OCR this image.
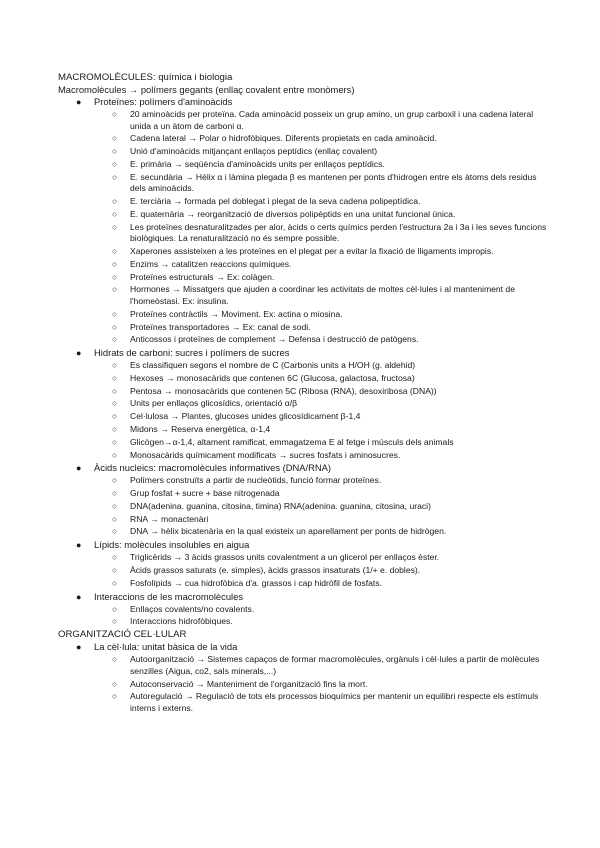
MACROMOLÈCULES: química i biologia

Macromolècules → polímers gegants (enllaç covalent entre monòmers)

● Proteïnes: polímers d'aminoàcids
○ 20 aminoàcids per proteïna. Cada aminoàcid posseix un grup amino, un grup carboxil i una cadena lateral unida a un àtom de carboni α.
○ Cadena lateral → Polar o hidrofòbiques. Diferents propietats en cada aminoàcid.
○ Unió d'aminoàcids mitjançant enllaços peptídics (enllaç covalent)
○ E. primària → seqüència d'aminoàcids units per enllaços peptídics.
○ E. secundària → Hèlix α i làmina plegada β es mantenen per ponts d'hidrogen entre els àtoms dels residus dels aminoàcids.
○ E. terciària → formada pel doblegat i plegat de la seva cadena polipeptídica.
○ E. quaternària → reorganització de diversos polipèptids en una unitat funcional única.
○ Les proteïnes desnaturalitzades per alor, àcids o certs químics perden l'estructura 2a i 3a i les seves funcions biològiques. La renaturalització no és sempre possible.
○ Xaperones assisteixen a les proteïnes en el plegat per a evitar la fixació de lligaments impropis.
○ Enzims → catalitzen reaccions químiques.
○ Proteïnes estructurals → Ex: colàgen.
○ Hormones → Missatgers que ajuden a coordinar les activitats de moltes cèl·lules i al manteniment de l'homeòstasi. Ex: insulina.
○ Proteïnes contràctils → Moviment. Ex: actina o miosina.
○ Proteïnes transportadores → Ex: canal de sodi.
○ Anticossos i proteïnes de complement → Defensa i destrucció de patògens.
● Hidrats de carboni: sucres i polímers de sucres
○ Es classifiquen segons el nombre de C (Carbonis units a H/OH (g. aldehid)
○ Hexoses → monosacàrids que contenen 6C (Glucosa, galactosa, fructosa)
○ Pentosa → monosacàrids que contenen 5C (Ribosa (RNA), desoxiribosa (DNA))
○ Units per enllaços glicosídics, orientació α/β
○ Cel·lulosa → Plantes, glucoses unides glicosídicament β-1,4
○ Midons → Reserva energètica, α-1,4
○ Glicògen→α-1,4, altament ramificat, emmagatzema E al fetge i músculs dels animals
○ Monosacàrids químicament modificats → sucres fosfats i aminosucres.
● Àcids nucleics: macromolècules informatives (DNA/RNA)
○ Polímers construïts a partir de nucleòtids, funció formar proteïnes.
○ Grup fosfat + sucre + base nitrogenada
○ DNA(adenina. guanina, citosina, timina) RNA(adenina. guanina, citosina, uraci)
○ RNA → monactenàri
○ DNA → hèlix bicatenària en la qual existeix un aparellament per ponts de hidrògen.
● Lípids: molècules insolubles en aigua
○ Triglicèrids → 3 àcids grassos units covalentment a un glicerol per enllaços èster.
○ Àcids grassos saturats (e. simples), àcids grassos insaturats (1/+ e. dobles).
○ Fosfolípids → cua hidrofòbica d'a. grassos i cap hidròfil de fosfats.
● Interaccions de les macromolècules
○ Enllaços covalents/no covalents.
○ Interaccions hidrofòbiques.

ORGANITZACIÓ CEL·LULAR

● La cèl·lula: unitat bàsica de la vida
○ Autoorganització → Sistemes capaços de formar macromolècules, orgànuls i cèl·lules a partir de molècules senzilles (Aigua, co2, sals minerals,...)
○ Autoconservació → Manteniment de l'organització fins la mort.
○ Autoregulació → Regulació de tots els processos bioquímics per mantenir un equilibri respecte els estímuls interns i externs.
